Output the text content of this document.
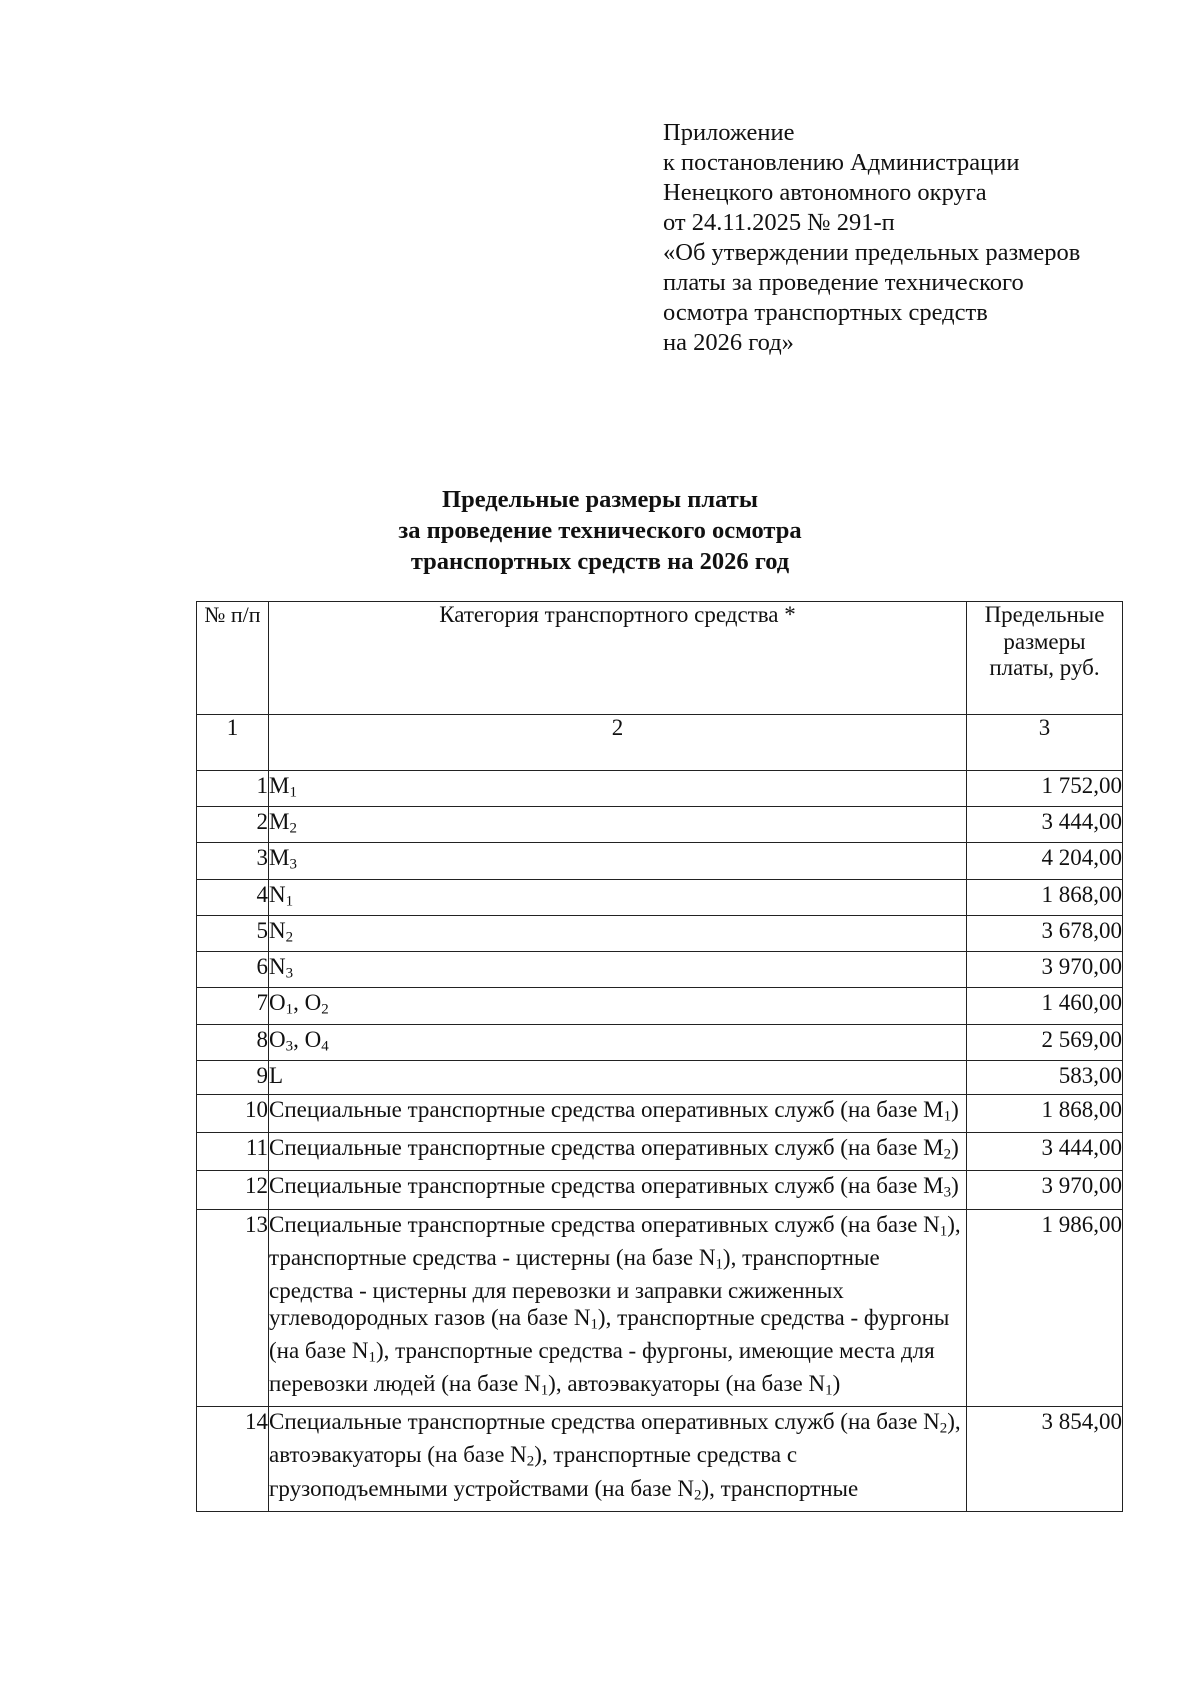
Приложение
к постановлению Администрации
Ненецкого автономного округа
от 24.11.2025 № 291-п
«Об утверждении предельных размеров
платы за проведение технического
осмотра транспортных средств
на 2026 год»
Предельные размеры платы
за проведение технического осмотра
транспортных средств на 2026 год
№ п/п	Категория транспортного средства *	Предельные
размеры
платы, руб.

1	2	3
1	$M_1$	1 752,00
2	$M_2$	3 444,00
3	$M_3$	4 204,00
4	$N_1$	1 868,00
5	$N_2$	3 678,00
6	$N_3$	3 970,00
7	$O_1$, $O_2$	1 460,00
8	$O_3$, $O_4$	2 569,00
9	L	583,00
10	Специальные транспортные средства оперативных служб (на базе $M_1$)	1 868,00
11	Специальные транспортные средства оперативных служб (на базе $M_2$)	3 444,00
12	Специальные транспортные средства оперативных служб (на базе $M_3$)	3 970,00
13	Специальные транспортные средства оперативных служб (на базе $N_1$), транспортные средства - цистерны (на базе $N_1$), транспортные средства - цистерны для перевозки и заправки сжиженных углеводородных газов (на базе $N_1$), транспортные средства - фургоны (на базе $N_1$), транспортные средства - фургоны, имеющие места для перевозки людей (на базе $N_1$), автоэвакуаторы (на базе $N_1$)	1 986,00
14	Специальные транспортные средства оперативных служб (на базе $N_2$), автоэвакуаторы (на базе $N_2$), транспортные средства с грузоподъемными устройствами (на базе $N_2$), транспортные	3 854,00
